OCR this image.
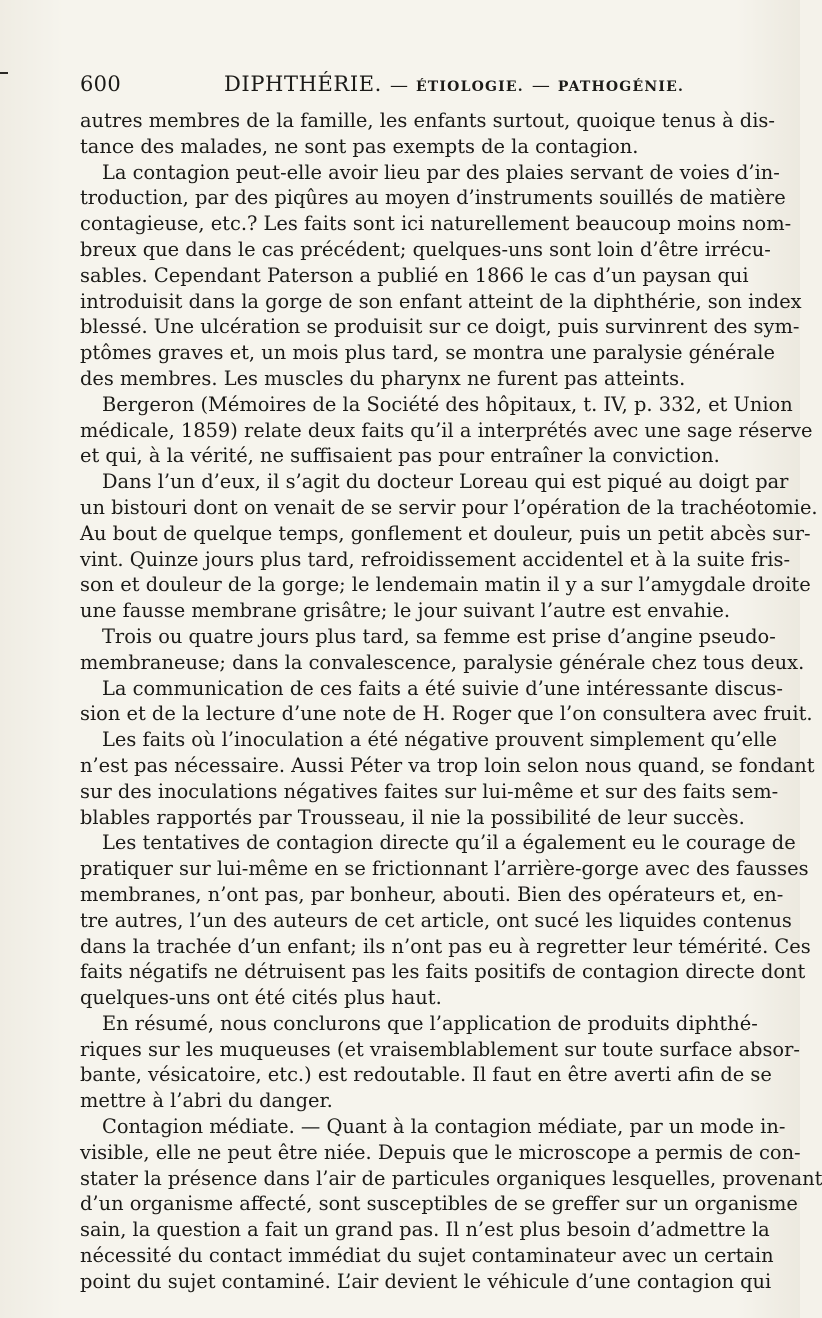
600	DIPHTHÉRIE. — ÉTIOLOGIE. — PATHOGÉNIE.
autres membres de la famille, les enfants surtout, quoique tenus à dis-
tance des malades, ne sont pas exempts de la contagion.
La contagion peut-elle avoir lieu par des plaies servant de voies d’in-
troduction, par des piqûres au moyen d’instruments souillés de matière
contagieuse, etc.? Les faits sont ici naturellement beaucoup moins nom-
breux que dans le cas précédent; quelques-uns sont loin d’être irrécu-
sables. Cependant Paterson a publié en 1866 le cas d’un paysan qui
introduisit dans la gorge de son enfant atteint de la diphthérie, son index
blessé. Une ulcération se produisit sur ce doigt, puis survinrent des sym-
ptômes graves et, un mois plus tard, se montra une paralysie générale
des membres. Les muscles du pharynx ne furent pas atteints.
Bergeron (Mémoires de la Société des hôpitaux, t. IV, p. 332, et Union
médicale, 1859) relate deux faits qu’il a interprétés avec une sage réserve
et qui, à la vérité, ne suffisaient pas pour entraîner la conviction.
Dans l’un d’eux, il s’agit du docteur Loreau qui est piqué au doigt par
un bistouri dont on venait de se servir pour l’opération de la trachéotomie.
Au bout de quelque temps, gonflement et douleur, puis un petit abcès sur-
vint. Quinze jours plus tard, refroidissement accidentel et à la suite fris-
son et douleur de la gorge; le lendemain matin il y a sur l’amygdale droite
une fausse membrane grisâtre; le jour suivant l’autre est envahie.
Trois ou quatre jours plus tard, sa femme est prise d’angine pseudo-
membraneuse; dans la convalescence, paralysie générale chez tous deux.
La communication de ces faits a été suivie d’une intéressante discus-
sion et de la lecture d’une note de H. Roger que l’on consultera avec fruit.
Les faits où l’inoculation a été négative prouvent simplement qu’elle
n’est pas nécessaire. Aussi Péter va trop loin selon nous quand, se fondant
sur des inoculations négatives faites sur lui-même et sur des faits sem-
blables rapportés par Trousseau, il nie la possibilité de leur succès.
Les tentatives de contagion directe qu’il a également eu le courage de
pratiquer sur lui-même en se frictionnant l’arrière-gorge avec des fausses
membranes, n’ont pas, par bonheur, abouti. Bien des opérateurs et, en-
tre autres, l’un des auteurs de cet article, ont sucé les liquides contenus
dans la trachée d’un enfant; ils n’ont pas eu à regretter leur témérité. Ces
faits négatifs ne détruisent pas les faits positifs de contagion directe dont
quelques-uns ont été cités plus haut.
En résumé, nous conclurons que l’application de produits diphthé-
riques sur les muqueuses (et vraisemblablement sur toute surface absor-
bante, vésicatoire, etc.) est redoutable. Il faut en être averti afin de se
mettre à l’abri du danger.
Contagion médiate. — Quant à la contagion médiate, par un mode in-
visible, elle ne peut être niée. Depuis que le microscope a permis de con-
stater la présence dans l’air de particules organiques lesquelles, provenant
d’un organisme affecté, sont susceptibles de se greffer sur un organisme
sain, la question a fait un grand pas. Il n’est plus besoin d’admettre la
nécessité du contact immédiat du sujet contaminateur avec un certain
point du sujet contaminé. L’air devient le véhicule d’une contagion qui
